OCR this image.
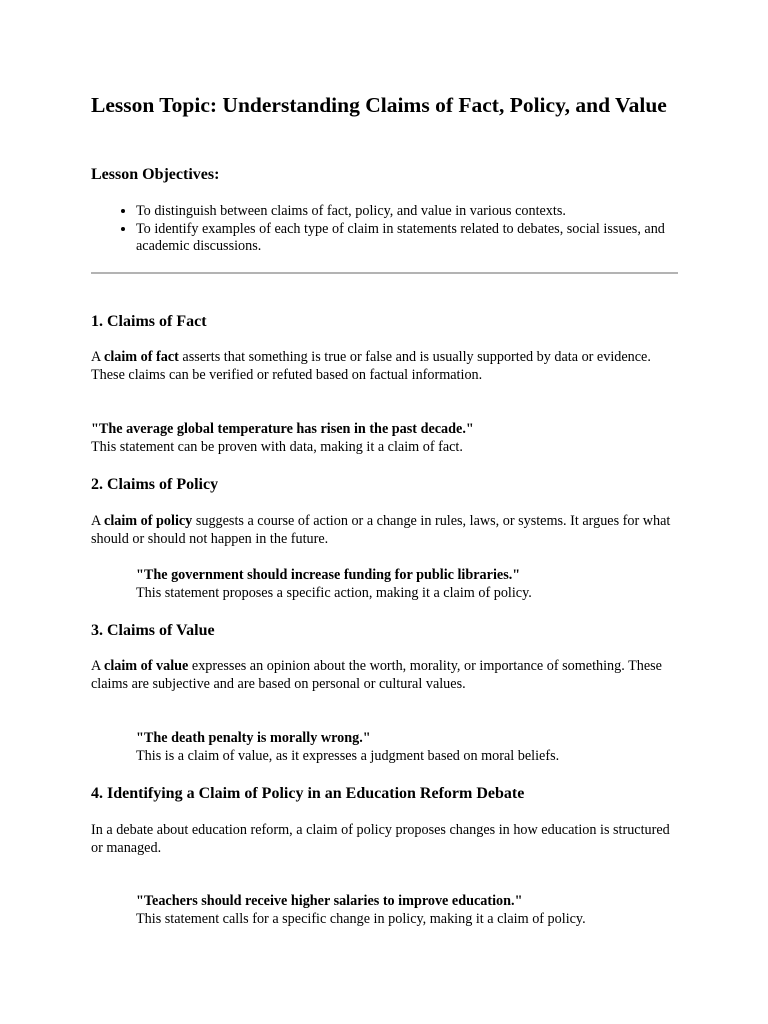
Lesson Topic: Understanding Claims of Fact, Policy, and Value
Lesson Objectives:
• To distinguish between claims of fact, policy, and value in various contexts.
• To identify examples of each type of claim in statements related to debates, social issues, and academic discussions.
1. Claims of Fact

A claim of fact asserts that something is true or false and is usually supported by data or evidence. These claims can be verified or refuted based on factual information.

"The average global temperature has risen in the past decade."
This statement can be proven with data, making it a claim of fact.

2. Claims of Policy

A claim of policy suggests a course of action or a change in rules, laws, or systems. It argues for what should or should not happen in the future.

"The government should increase funding for public libraries."
This statement proposes a specific action, making it a claim of policy.

3. Claims of Value

A claim of value expresses an opinion about the worth, morality, or importance of something. These claims are subjective and are based on personal or cultural values.

"The death penalty is morally wrong."
This is a claim of value, as it expresses a judgment based on moral beliefs.

4. Identifying a Claim of Policy in an Education Reform Debate

In a debate about education reform, a claim of policy proposes changes in how education is structured or managed.

"Teachers should receive higher salaries to improve education."
This statement calls for a specific change in policy, making it a claim of policy.
